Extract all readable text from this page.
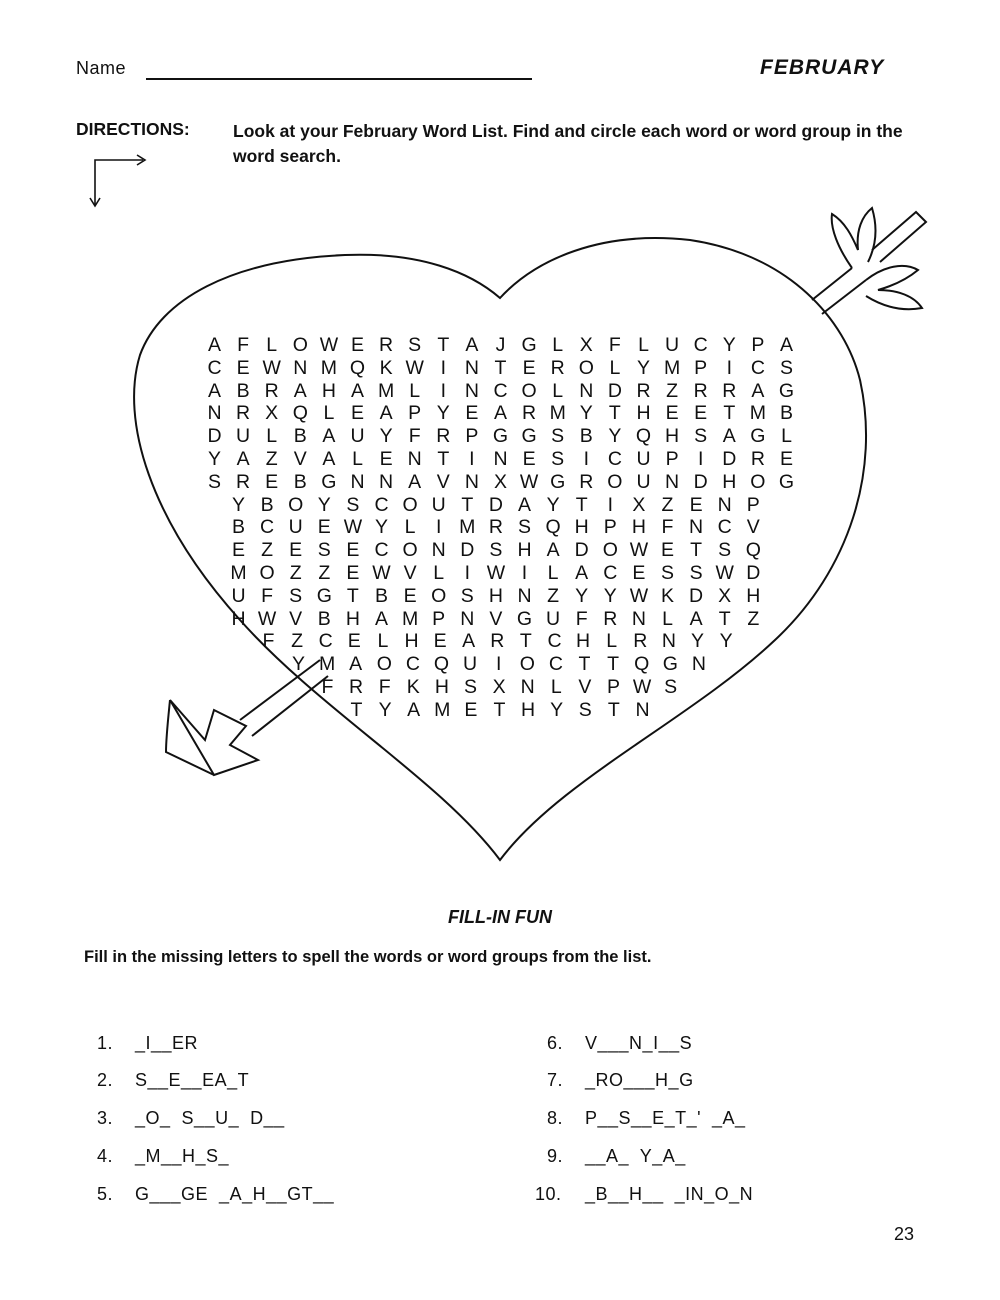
Name	FEBRUARY
DIRECTIONS: Look at your February Word List. Find and circle each word or word group in the word search.
A F L O W E R S T A J G L X F L U C Y P A
C E W N M Q K W I N T E R O L Y M P I C S
A B R A H A M L	I N C O L N D R Z R R A G
N R X Q L E A P Y E A R M Y T H E E T M B
D U L B A U Y F R P G G S B Y Q H S A G L
Y A Z V A L E N T	I N E S I C U P I D R E
S R E B G N N A V N X W G R O U N D H O G
Y B O Y S C O U T D A Y T	I X Z E N P
B C U E W Y L	I M R S Q H P H F N C V
E Z E S E C O N D S H A D O W E T S Q
M O Z Z E W V L	I W I	L A C E S S W D
U F S G T B E O S H N Z Y Y W K D X H
H W V B H A M P N V G U F R N L A T Z
F Z C E L H E A R T C H L R N Y Y
Y M A O C Q U I O C T T Q G N
F R F K H S X N L V P W S
T Y A M E T H Y S T N
FILL-IN FUN
Fill in the missing letters to spell the words or word groups from the list.

1. _I__ER

2. S__E__EA_T

3. _O_  S__U_  D__

4. _M__H_S_

5. G___GE  _A_H__GT__

6. V___N_I__S

7. _RO___H_G

8. P__S__E_T_'  _A_

9. __A_  Y_A_

10. _B__H__  _IN_O_N

23
